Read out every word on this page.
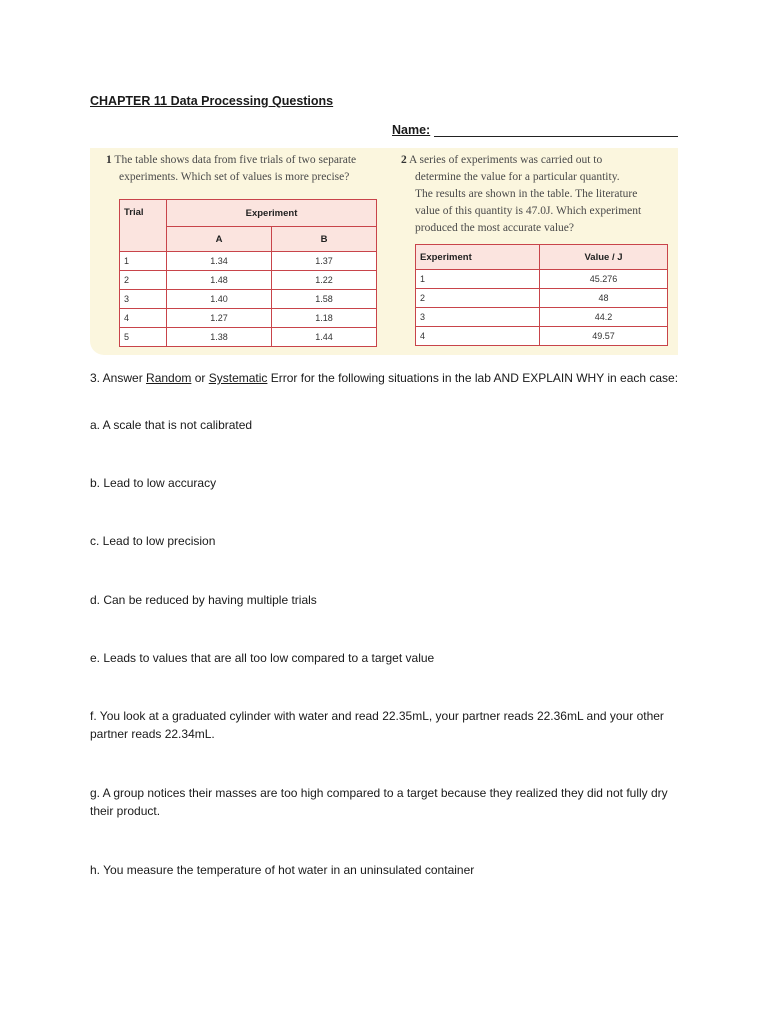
CHAPTER 11 Data Processing Questions
Name:
1 The table shows data from five trials of two separate
experiments. Which set of values is more precise?
Trial	Experiment	
	A	B
1	1.34	1.37
2	1.48	1.22
3	1.40	1.58
4	1.27	1.18
5	1.38	1.44
2 A series of experiments was carried out to
determine the value for a particular quantity.
The results are shown in the table. The literature
value of this quantity is 47.0J. Which experiment
produced the most accurate value?
Experiment	Value / J
1	45.276
2	48
3	44.2
4	49.57
3. Answer Random or Systematic Error for the following situations in the lab AND EXPLAIN WHY in each case:
a. A scale that is not calibrated
b. Lead to low accuracy
c. Lead to low precision
d. Can be reduced by having multiple trials
e. Leads to values that are all too low compared to a target value
f. You look at a graduated cylinder with water and read 22.35mL, your partner reads 22.36mL and your other partner reads 22.34mL.
g. A group notices their masses are too high compared to a target because they realized they did not fully dry their product.
h. You measure the temperature of hot water in an uninsulated container
